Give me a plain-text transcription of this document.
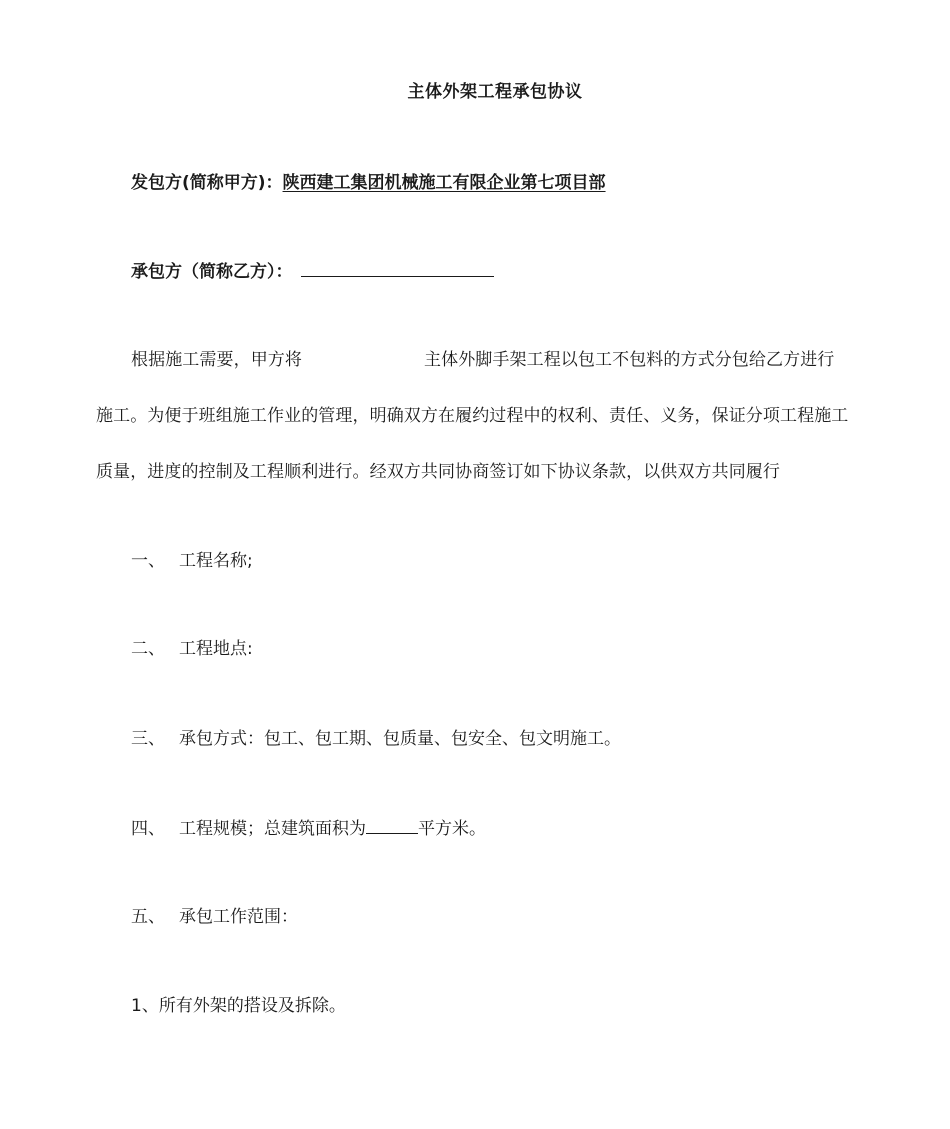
主体外架工程承包协议
发包方(简称甲方)：陕西建工集团机械施工有限企业第七项目部
承包方（简称乙方）：
根据施工需要，甲方将	主体外脚手架工程以包工不包料的方式分包给乙方进行
施工。为便于班组施工作业的管理，明确双方在履约过程中的权利、责任、义务，保证分项工程施工
质量，进度的控制及工程顺利进行。经双方共同协商签订如下协议条款，以供双方共同履行
一、 工程名称;
二、 工程地点:
三、 承包方式：包工、包工期、包质量、包安全、包文明施工。
四、 工程规模；总建筑面积为	平方米。
五、 承包工作范围：
1、所有外架的搭设及拆除。
